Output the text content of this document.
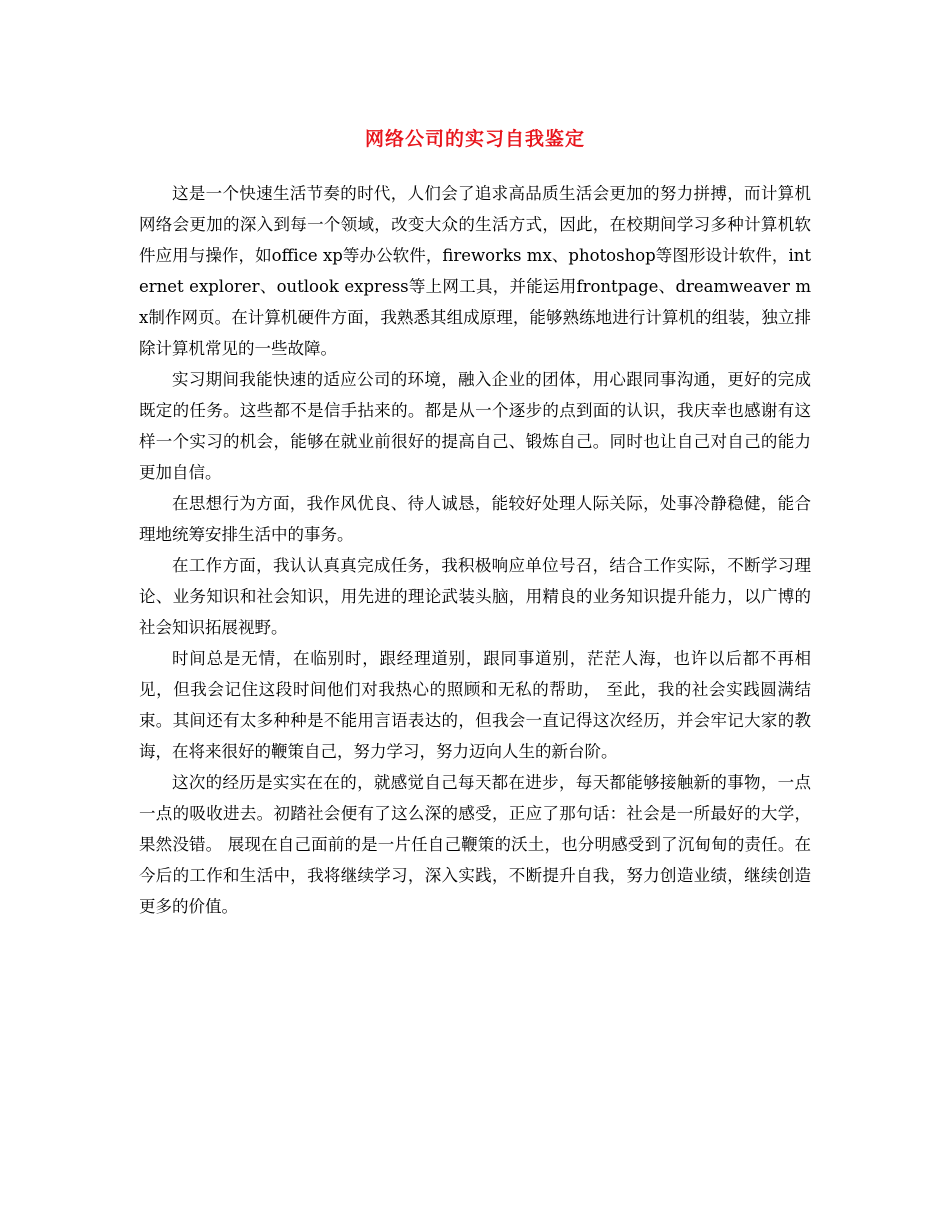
网络公司的实习自我鉴定

这是一个快速生活节奏的时代，人们会了追求高品质生活会更加的努力拼搏，而计算机网络会更加的深入到每一个领域，改变大众的生活方式，因此，在校期间学习多种计算机软件应用与操作，如office xp等办公软件，fireworks mx、photoshop等图形设计软件，internet explorer、outlook express等上网工具，并能运用frontpage、dreamweaver mx制作网页。在计算机硬件方面，我熟悉其组成原理，能够熟练地进行计算机的组装，独立排除计算机常见的一些故障。

实习期间我能快速的适应公司的环境，融入企业的团体，用心跟同事沟通，更好的完成既定的任务。这些都不是信手拈来的。都是从一个逐步的点到面的认识，我庆幸也感谢有这样一个实习的机会，能够在就业前很好的提高自己、锻炼自己。同时也让自己对自己的能力更加自信。

在思想行为方面，我作风优良、待人诚恳，能较好处理人际关际，处事冷静稳健，能合理地统筹安排生活中的事务。

在工作方面，我认认真真完成任务，我积极响应单位号召，结合工作实际，不断学习理论、业务知识和社会知识，用先进的理论武装头脑，用精良的业务知识提升能力，以广博的社会知识拓展视野。

时间总是无情，在临别时，跟经理道别，跟同事道别，茫茫人海，也许以后都不再相见，但我会记住这段时间他们对我热心的照顾和无私的帮助， 至此，我的社会实践圆满结束。其间还有太多种种是不能用言语表达的，但我会一直记得这次经历，并会牢记大家的教诲，在将来很好的鞭策自己，努力学习，努力迈向人生的新台阶。

这次的经历是实实在在的，就感觉自己每天都在进步，每天都能够接触新的事物，一点一点的吸收进去。初踏社会便有了这么深的感受，正应了那句话：社会是一所最好的大学，果然没错。 展现在自己面前的是一片任自己鞭策的沃土，也分明感受到了沉甸甸的责任。在今后的工作和生活中，我将继续学习，深入实践，不断提升自我，努力创造业绩，继续创造更多的价值。
